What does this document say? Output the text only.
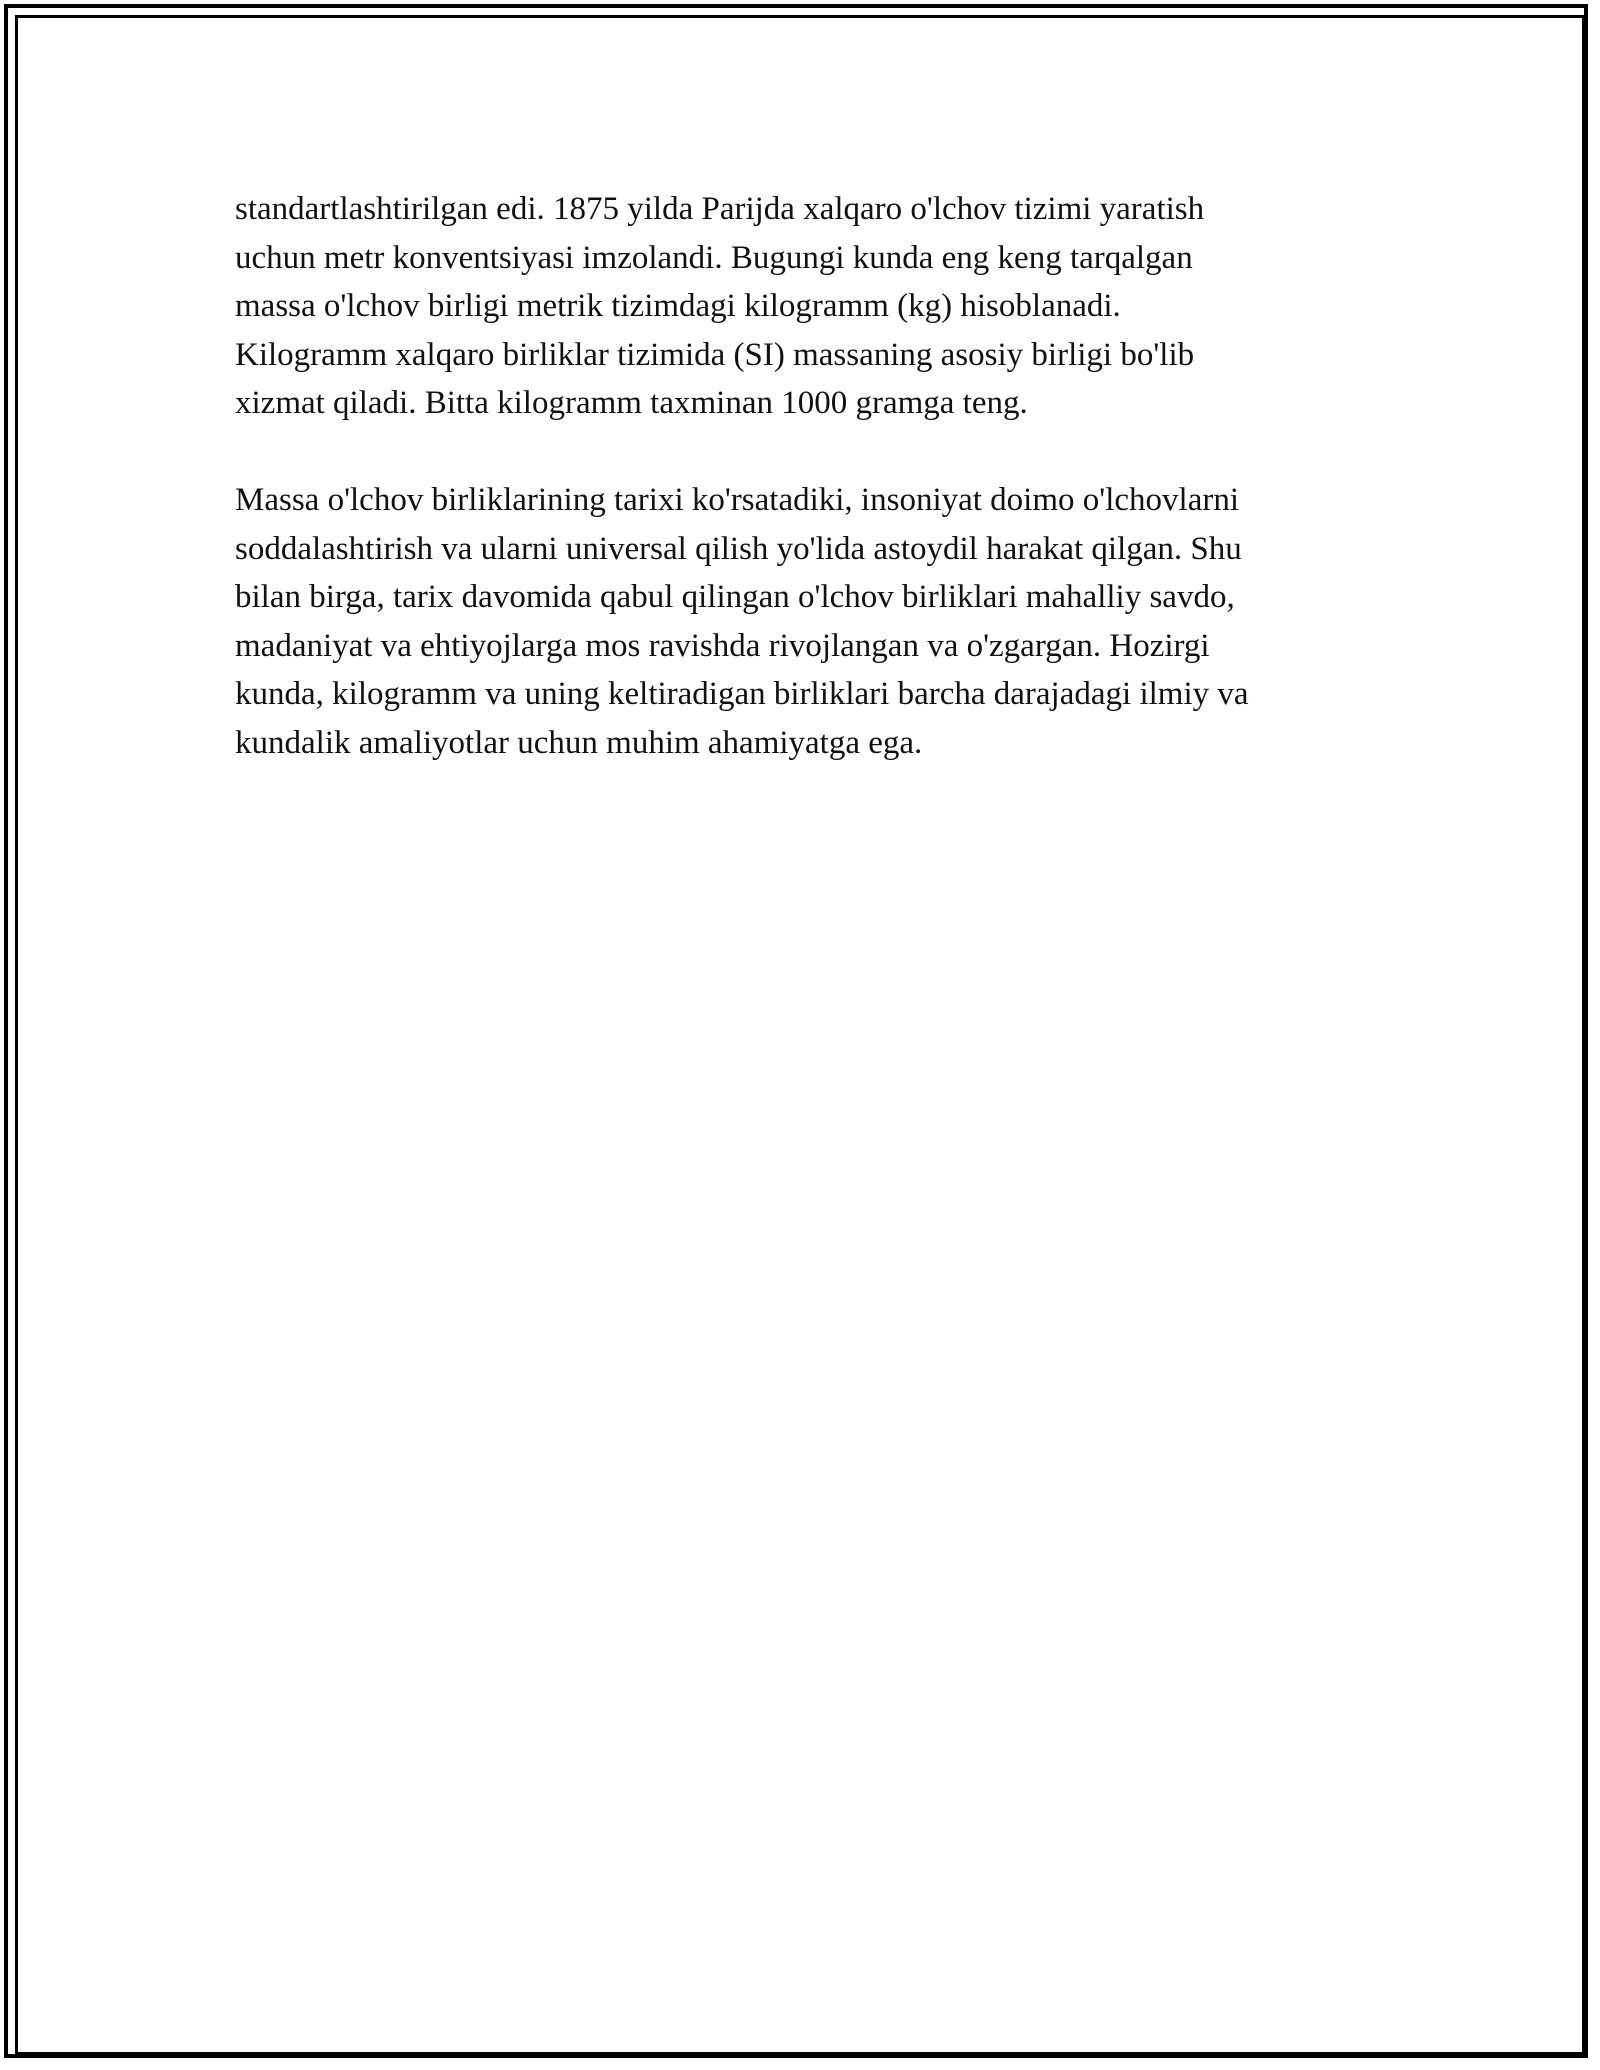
standartlashtirilgan edi. 1875 yilda Parijda xalqaro o'lchov tizimi yaratish
uchun metr konventsiyasi imzolandi. Bugungi kunda eng keng tarqalgan
massa o'lchov birligi metrik tizimdagi kilogramm (kg) hisoblanadi.
Kilogramm xalqaro birliklar tizimida (SI) massaning asosiy birligi bo'lib
xizmat qiladi. Bitta kilogramm taxminan 1000 gramga teng.

Massa o'lchov birliklarining tarixi ko'rsatadiki, insoniyat doimo o'lchovlarni
soddalashtirish va ularni universal qilish yo'lida astoydil harakat qilgan. Shu
bilan birga, tarix davomida qabul qilingan o'lchov birliklari mahalliy savdo,
madaniyat va ehtiyojlarga mos ravishda rivojlangan va o'zgargan. Hozirgi
kunda, kilogramm va uning keltiradigan birliklari barcha darajadagi ilmiy va
kundalik amaliyotlar uchun muhim ahamiyatga ega.
